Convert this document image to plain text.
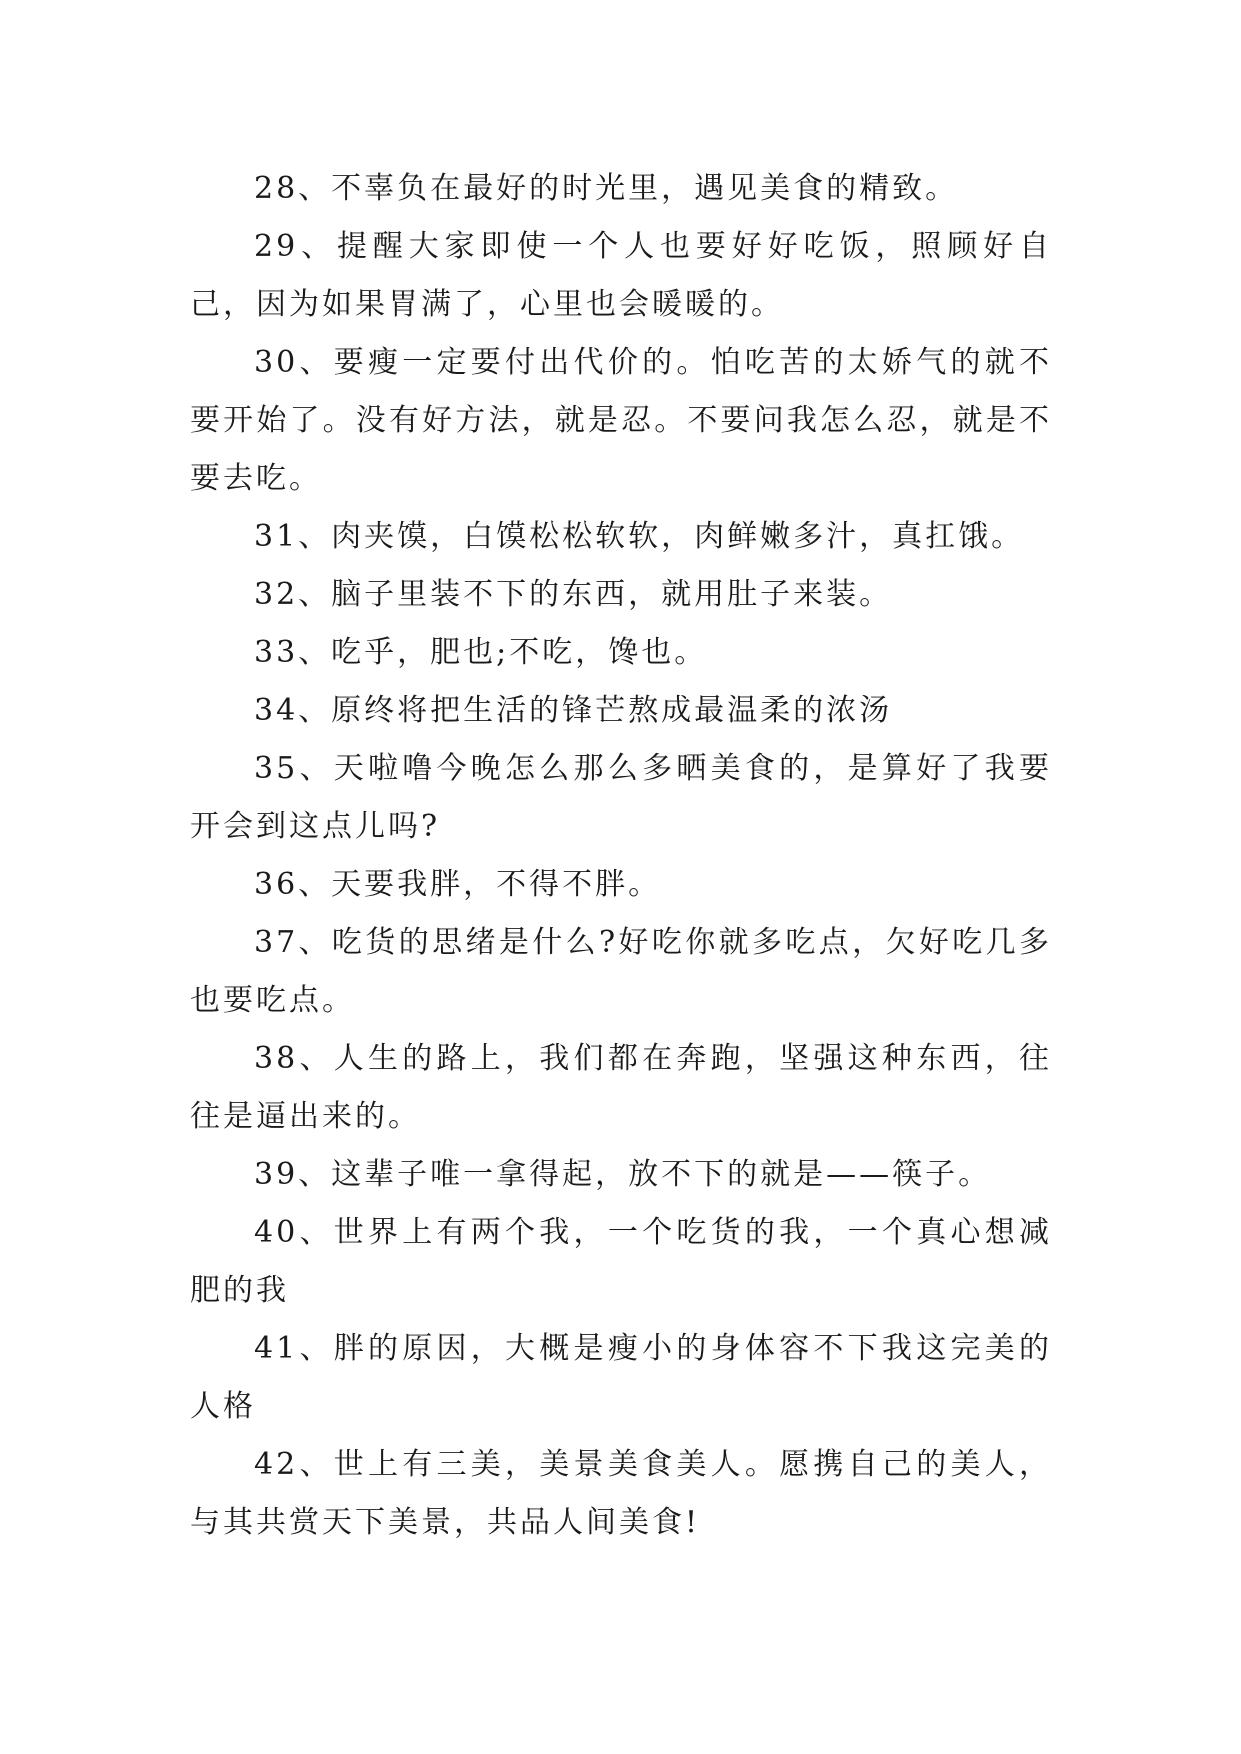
28、不辜负在最好的时光里，遇见美食的精致。

29、提醒大家即使一个人也要好好吃饭，照顾好自己，因为如果胃满了，心里也会暖暖的。

30、要瘦一定要付出代价的。怕吃苦的太娇气的就不要开始了。没有好方法，就是忍。不要问我怎么忍，就是不要去吃。

31、肉夹馍，白馍松松软软，肉鲜嫩多汁，真扛饿。

32、脑子里装不下的东西，就用肚子来装。

33、吃乎，肥也;不吃，馋也。

34、原终将把生活的锋芒熬成最温柔的浓汤

35、天啦噜今晚怎么那么多晒美食的，是算好了我要开会到这点儿吗?

36、天要我胖，不得不胖。

37、吃货的思绪是什么?好吃你就多吃点，欠好吃几多也要吃点。

38、人生的路上，我们都在奔跑，坚强这种东西，往往是逼出来的。

39、这辈子唯一拿得起，放不下的就是——筷子。

40、世界上有两个我，一个吃货的我，一个真心想减肥的我

41、胖的原因，大概是瘦小的身体容不下我这完美的人格

42、世上有三美，美景美食美人。愿携自己的美人，与其共赏天下美景，共品人间美食!
